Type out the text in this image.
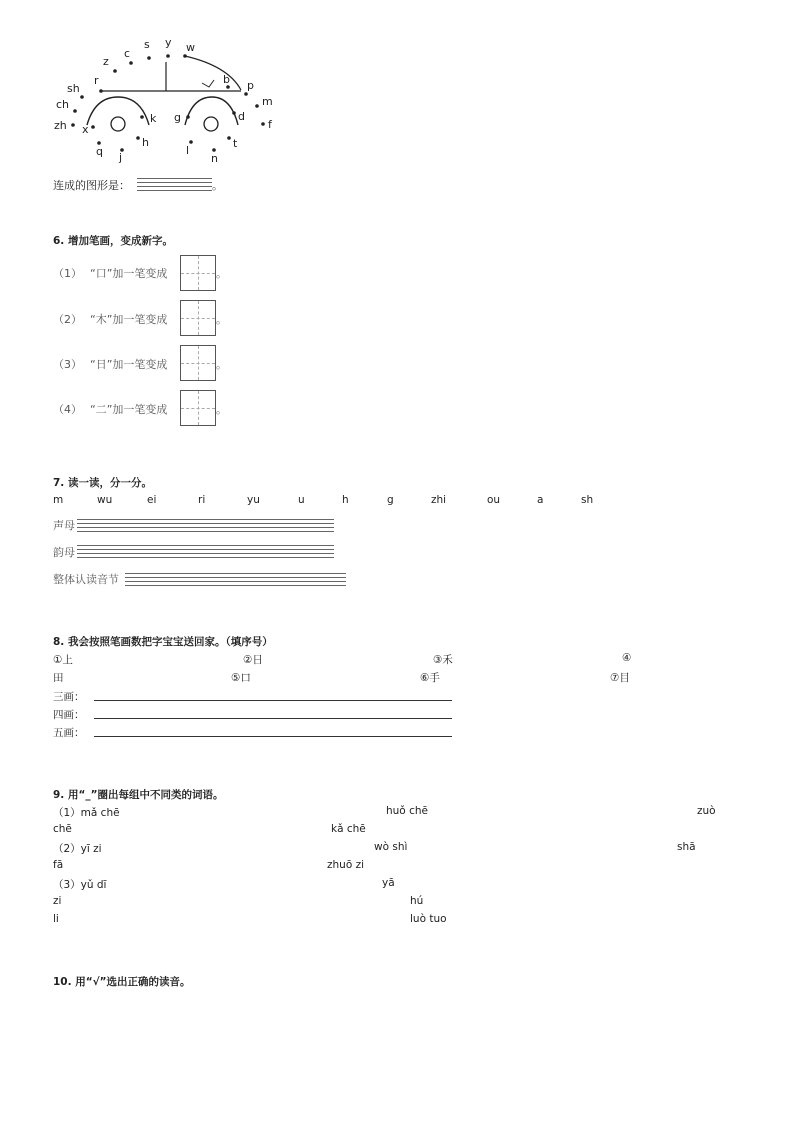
y
s	w
c
z
b p
r
sh
m
ch
k g	d
zh x	f
h	t
q	l
j	n
连成的图形是：	。
6. 增加笔画，变成新字。
（1） “口”加一笔变成	。
（2） “木”加一笔变成	。
（3） “日”加一笔变成	。
（4） “二”加一笔变成	。
7. 读一读，分一分。
m	wu	ei	ri	yu	u	h	g	zhi	ou	a	sh
声母
韵母
整体认读音节
8. 我会按照笔画数把字宝宝送回家。（填序号）
①上	②日	③禾	④
田	⑤口	⑥手	⑦目
三画：
四画：
五画：
9. 用“_”圈出每组中不同类的词语。
（1）mǎ chē	huǒ chē	zuò
chē	kǎ chē
（2）yī zi	wò shì	shā
fā	zhuō zi
（3）yǔ dī	yā
zi	hú
li	luò tuo
10. 用“√”选出正确的读音。
